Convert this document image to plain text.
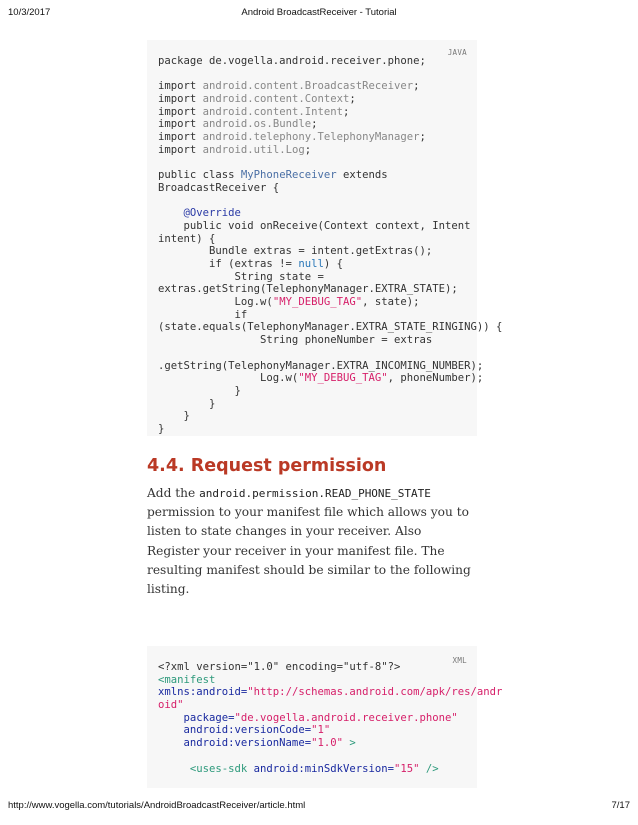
10/3/2017	Android BroadcastReceiver - Tutorial
JAVA
package de.vogella.android.receiver.phone;
import android.content.BroadcastReceiver;
import android.content.Context;
import android.content.Intent;
import android.os.Bundle;
import android.telephony.TelephonyManager;
import android.util.Log;
public class MyPhoneReceiver extends
BroadcastReceiver {
@Override
public void onReceive(Context context, Intent
intent) {
Bundle extras = intent.getExtras();
if (extras != null) {
String state =
extras.getString(TelephonyManager.EXTRA_STATE);
Log.w("MY_DEBUG_TAG", state);
if
(state.equals(TelephonyManager.EXTRA_STATE_RINGING)) {
String phoneNumber = extras
.getString(TelephonyManager.EXTRA_INCOMING_NUMBER);
Log.w("MY_DEBUG_TAG", phoneNumber);
}
}
}
}
4.4. Request permission
Add the android.permission.READ_PHONE_STATE permission to your manifest file which allows you to listen to state changes in your receiver. Also Register your receiver in your manifest file. The resulting manifest should be similar to the following listing.
XML
<?xml version="1.0" encoding="utf-8"?>
<manifest
xmlns:android="http://schemas.android.com/apk/res/andr
oid"
package="de.vogella.android.receiver.phone"
android:versionCode="1"
android:versionName="1.0" >
<uses-sdk android:minSdkVersion="15" />
http://www.vogella.com/tutorials/AndroidBroadcastReceiver/article.html	7/17
